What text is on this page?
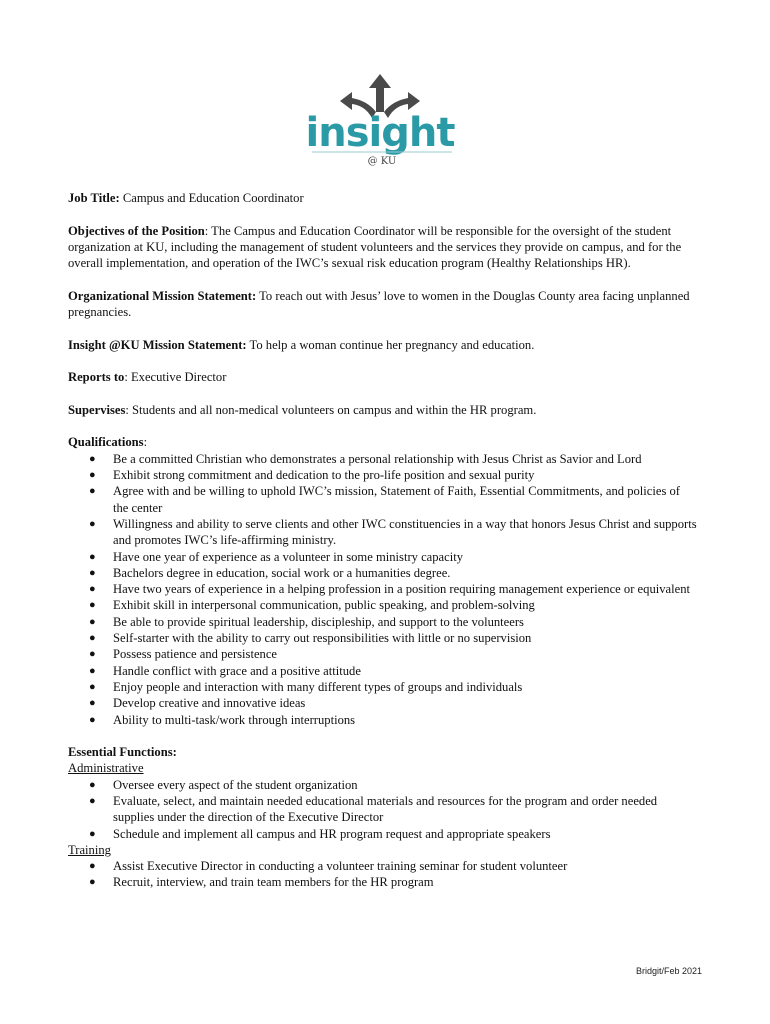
insight
@ KU

Job Title: Campus and Education Coordinator

Objectives of the Position: The Campus and Education Coordinator will be responsible for the oversight of the student organization at KU, including the management of student volunteers and the services they provide on campus, and for the overall implementation, and operation of the IWC’s sexual risk education program (Healthy Relationships HR).

Organizational Mission Statement: To reach out with Jesus’ love to women in the Douglas County area facing unplanned pregnancies.

Insight @KU Mission Statement: To help a woman continue her pregnancy and education.

Reports to: Executive Director

Supervises: Students and all non-medical volunteers on campus and within the HR program.

Qualifications:
● Be a committed Christian who demonstrates a personal relationship with Jesus Christ as Savior and Lord
● Exhibit strong commitment and dedication to the pro-life position and sexual purity
● Agree with and be willing to uphold IWC’s mission, Statement of Faith, Essential Commitments, and policies of the center
● Willingness and ability to serve clients and other IWC constituencies in a way that honors Jesus Christ and supports and promotes IWC’s life-affirming ministry.
● Have one year of experience as a volunteer in some ministry capacity
● Bachelors degree in education, social work or a humanities degree.
● Have two years of experience in a helping profession in a position requiring management experience or equivalent
● Exhibit skill in interpersonal communication, public speaking, and problem-solving
● Be able to provide spiritual leadership, discipleship, and support to the volunteers
● Self-starter with the ability to carry out responsibilities with little or no supervision
● Possess patience and persistence
● Handle conflict with grace and a positive attitude
● Enjoy people and interaction with many different types of groups and individuals
● Develop creative and innovative ideas
● Ability to multi-task/work through interruptions
Essential Functions:
Administrative
● Oversee every aspect of the student organization
● Evaluate, select, and maintain needed educational materials and resources for the program and order needed supplies under the direction of the Executive Director
● Schedule and implement all campus and HR program request and appropriate speakers
Training
● Assist Executive Director in conducting a volunteer training seminar for student volunteer
● Recruit, interview, and train team members for the HR program
Bridgit/Feb 2021
